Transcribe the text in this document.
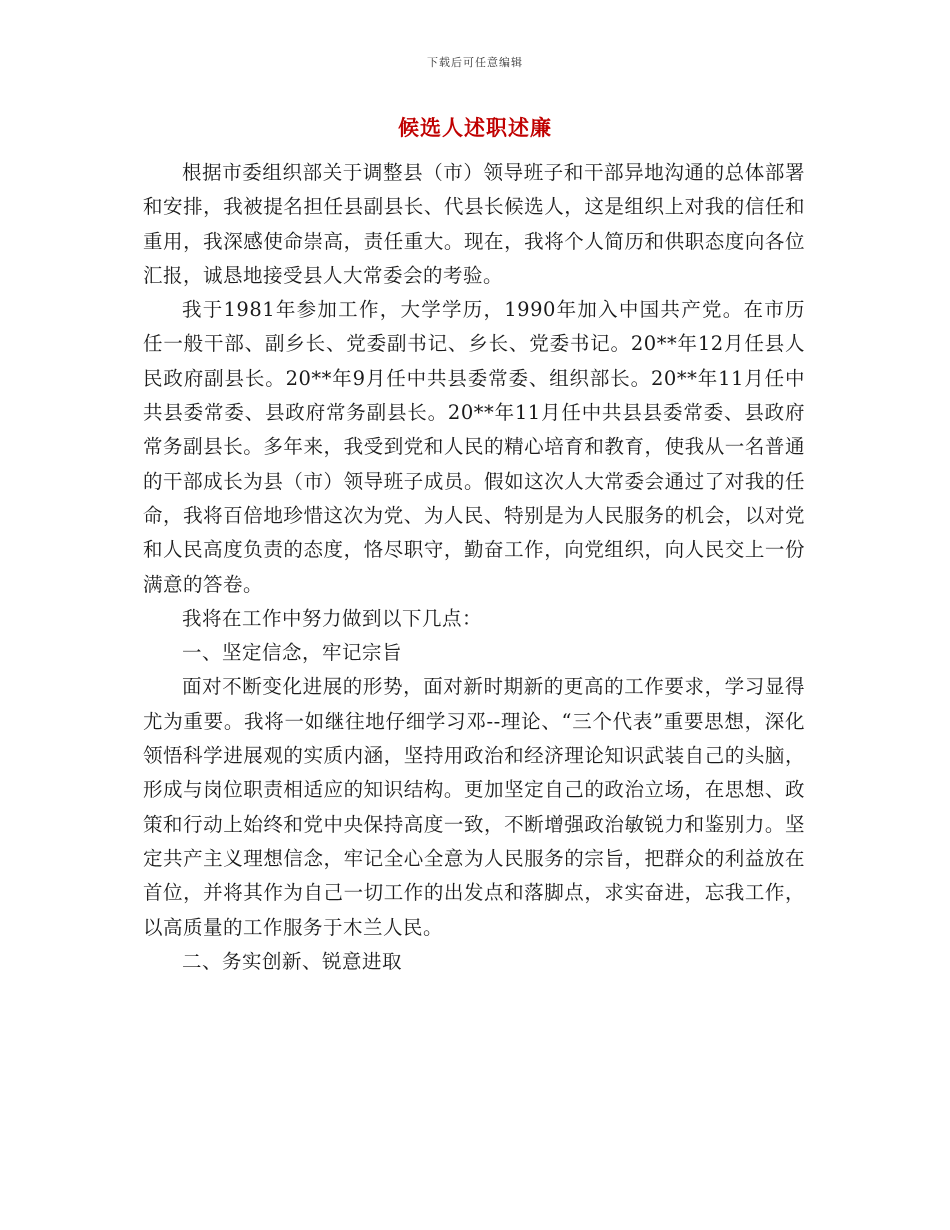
下载后可任意编辑
候选人述职述廉

根据市委组织部关于调整县（市）领导班子和干部异地沟通的总体部署和安排，我被提名担任县副县长、代县长候选人，这是组织上对我的信任和重用，我深感使命崇高，责任重大。现在，我将个人简历和供职态度向各位汇报，诚恳地接受县人大常委会的考验。

我于1981年参加工作，大学学历，1990年加入中国共产党。在市历任一般干部、副乡长、党委副书记、乡长、党委书记。20**年12月任县人民政府副县长。20**年9月任中共县委常委、组织部长。20**年11月任中共县委常委、县政府常务副县长。20**年11月任中共县县委常委、县政府常务副县长。多年来，我受到党和人民的精心培育和教育，使我从一名普通的干部成长为县（市）领导班子成员。假如这次人大常委会通过了对我的任命，我将百倍地珍惜这次为党、为人民、特别是为人民服务的机会，以对党和人民高度负责的态度，恪尽职守，勤奋工作，向党组织，向人民交上一份满意的答卷。

我将在工作中努力做到以下几点：

一、坚定信念，牢记宗旨

面对不断变化进展的形势，面对新时期新的更高的工作要求，学习显得尤为重要。我将一如继往地仔细学习邓--理论、“三个代表”重要思想，深化领悟科学进展观的实质内涵，坚持用政治和经济理论知识武装自己的头脑，形成与岗位职责相适应的知识结构。更加坚定自己的政治立场，在思想、政策和行动上始终和党中央保持高度一致，不断增强政治敏锐力和鉴别力。坚定共产主义理想信念，牢记全心全意为人民服务的宗旨，把群众的利益放在首位，并将其作为自己一切工作的出发点和落脚点，求实奋进，忘我工作，以高质量的工作服务于木兰人民。

二、务实创新、锐意进取
